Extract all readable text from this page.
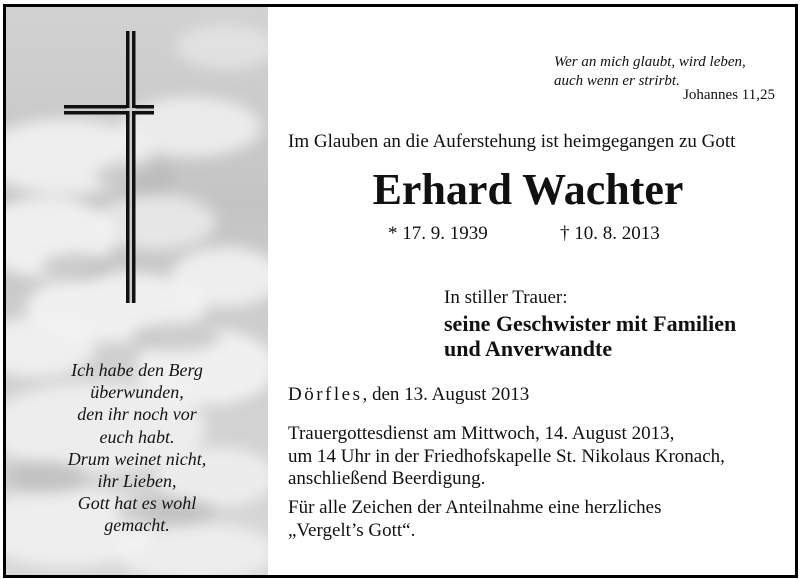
Ich habe den Berg
überwunden,
den ihr noch vor
euch habt.
Drum weinet nicht,
ihr Lieben,
Gott hat es wohl
gemacht.
Wer an mich glaubt, wird leben,
auch wenn er strirbt.
Johannes 11,25
Im Glauben an die Auferstehung ist heimgegangen zu Gott
Erhard Wachter
* 17. 9. 1939	† 10. 8. 2013
In stiller Trauer:
seine Geschwister mit Familien
und Anverwandte
Dörfles, den 13. August 2013
Trauergottesdienst am Mittwoch, 14. August 2013,
um 14 Uhr in der Friedhofskapelle St. Nikolaus Kronach,
anschließend Beerdigung.
Für alle Zeichen der Anteilnahme eine herzliches
„Vergelt’s Gott“.
